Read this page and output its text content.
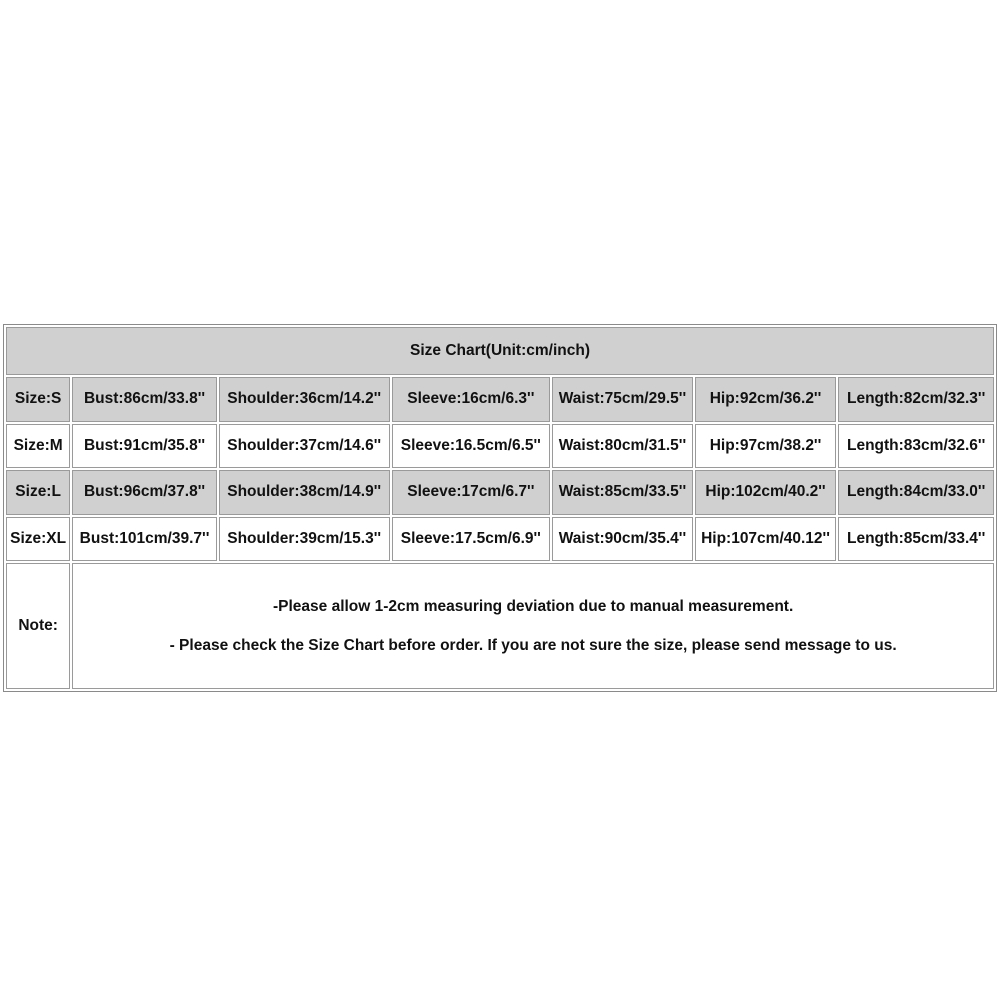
Size Chart(Unit:cm/inch)						
Size:S	Bust:86cm/33.8''	Shoulder:36cm/14.2''	Sleeve:16cm/6.3''	Waist:75cm/29.5''	Hip:92cm/36.2''	Length:82cm/32.3''
Size:M	Bust:91cm/35.8''	Shoulder:37cm/14.6''	Sleeve:16.5cm/6.5''	Waist:80cm/31.5''	Hip:97cm/38.2''	Length:83cm/32.6''
Size:L	Bust:96cm/37.8''	Shoulder:38cm/14.9''	Sleeve:17cm/6.7''	Waist:85cm/33.5''	Hip:102cm/40.2''	Length:84cm/33.0''
Size:XL	Bust:101cm/39.7''	Shoulder:39cm/15.3''	Sleeve:17.5cm/6.9''	Waist:90cm/35.4''	Hip:107cm/40.12''	Length:85cm/33.4''
Note:	-Please allow 1-2cm measuring deviation due to manual measurement.
- Please check the Size Chart before order. If you are not sure the size, please send message to us.					
